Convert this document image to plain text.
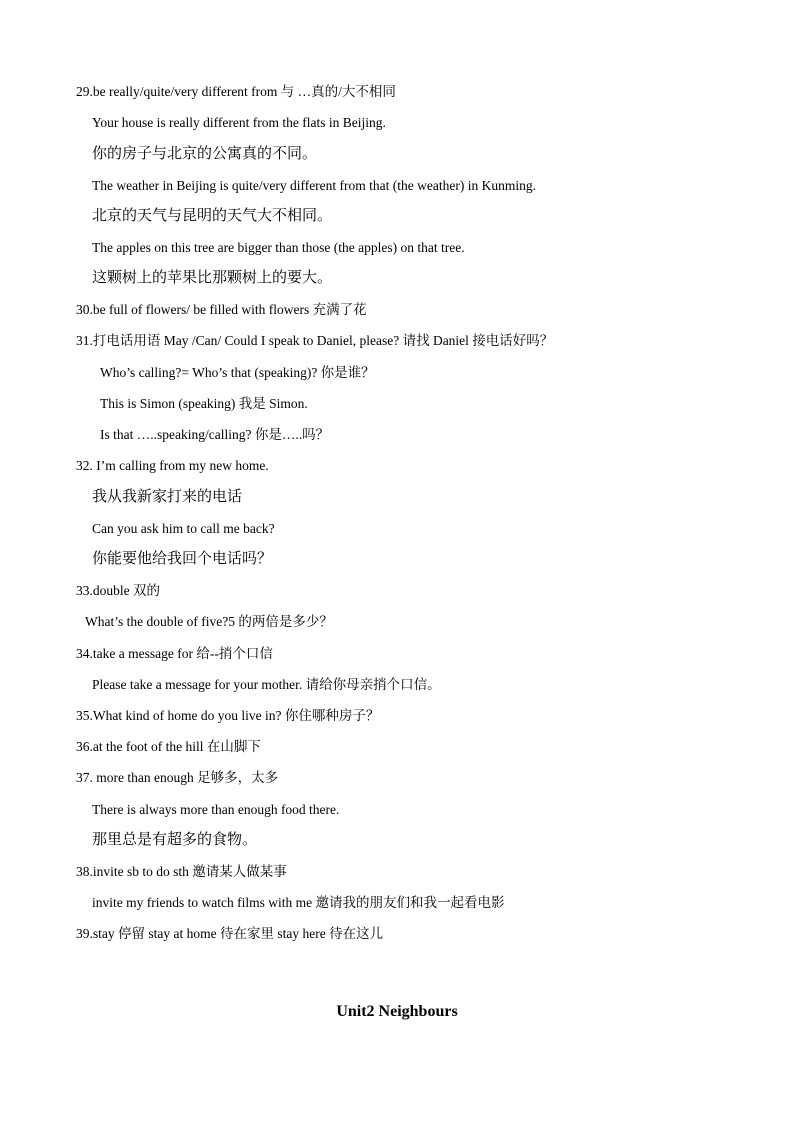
29.be really/quite/very different from 与 …真的/大不相同
Your house is really different from the flats in Beijing.
你的房子与北京的公寓真的不同。
The weather in Beijing is quite/very different from that (the weather) in Kunming.
北京的天气与昆明的天气大不相同。
The apples on this tree are bigger than those (the apples) on that tree.
这颗树上的苹果比那颗树上的要大。
30.be full of flowers/ be filled with flowers 充满了花
31.打电话用语 May /Can/ Could I speak to Daniel, please? 请找 Daniel 接电话好吗？
Who’s calling?= Who’s that (speaking)? 你是谁？
This is Simon (speaking) 我是 Simon.
Is that …..speaking/calling? 你是…..吗？
32. I’m calling from my new home.
我从我新家打来的电话
Can you ask him to call me back?
你能要他给我回个电话吗？
33.double 双的
What’s the double of five?5 的两倍是多少？
34.take a message for 给--捎个口信
Please take a message for your mother. 请给你母亲捎个口信。
35.What kind of home do you live in? 你住哪种房子？
36.at the foot of the hill 在山脚下
37. more than enough 足够多，太多
There is always more than enough food there.
那里总是有超多的食物。
38.invite sb to do sth 邀请某人做某事
invite my friends to watch films with me 邀请我的朋友们和我一起看电影
39.stay 停留 stay at home 待在家里 stay here 待在这儿
Unit2 Neighbours
